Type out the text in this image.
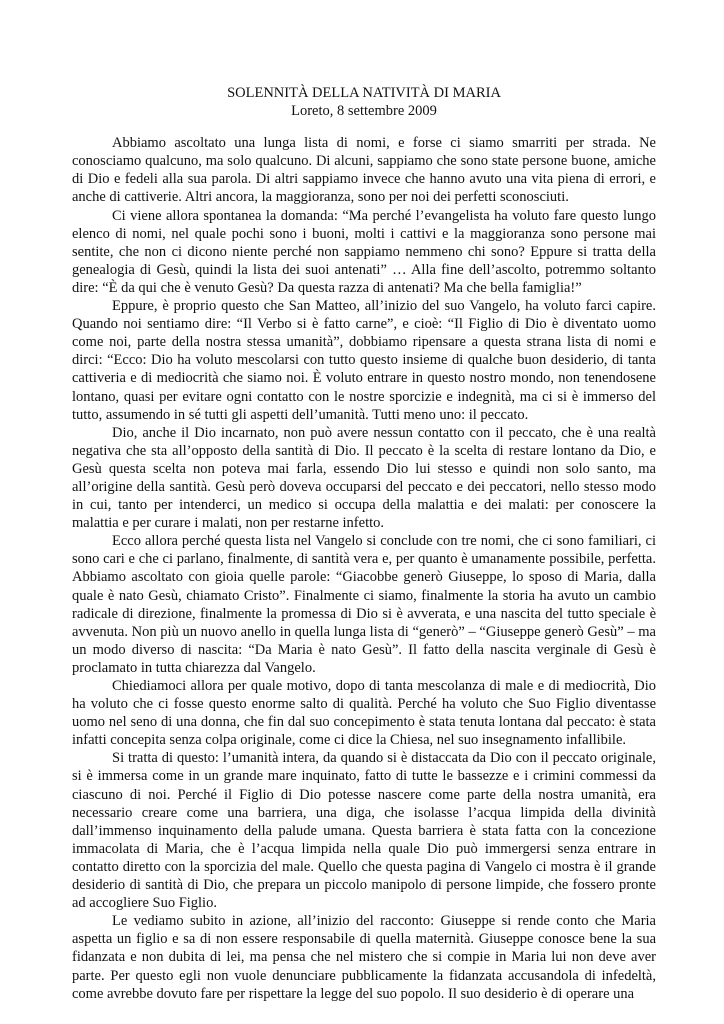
SOLENNITÀ DELLA NATIVITÀ DI MARIA

Loreto, 8 settembre 2009

Abbiamo ascoltato una lunga lista di nomi, e forse ci siamo smarriti per strada. Ne conosciamo qualcuno, ma solo qualcuno. Di alcuni, sappiamo che sono state persone buone, amiche di Dio e fedeli alla sua parola. Di altri sappiamo invece che hanno avuto una vita piena di errori, e anche di cattiverie. Altri ancora, la maggioranza, sono per noi dei perfetti sconosciuti.

Ci viene allora spontanea la domanda: “Ma perché l’evangelista ha voluto fare questo lungo elenco di nomi, nel quale pochi sono i buoni, molti i cattivi e la maggioranza sono persone mai sentite, che non ci dicono niente perché non sappiamo nemmeno chi sono? Eppure si tratta della genealogia di Gesù, quindi la lista dei suoi antenati” … Alla fine dell’ascolto, potremmo soltanto dire: “È da qui che è venuto Gesù? Da questa razza di antenati? Ma che bella famiglia!”

Eppure, è proprio questo che San Matteo, all’inizio del suo Vangelo, ha voluto farci capire. Quando noi sentiamo dire: “Il Verbo si è fatto carne”, e cioè: “Il Figlio di Dio è diventato uomo come noi, parte della nostra stessa umanità”, dobbiamo ripensare a questa strana lista di nomi e dirci: “Ecco: Dio ha voluto mescolarsi con tutto questo insieme di qualche buon desiderio, di tanta cattiveria e di mediocrità che siamo noi. È voluto entrare in questo nostro mondo, non tenendosene lontano, quasi per evitare ogni contatto con le nostre sporcizie e indegnità, ma ci si è immerso del tutto, assumendo in sé tutti gli aspetti dell’umanità. Tutti meno uno: il peccato.

Dio, anche il Dio incarnato, non può avere nessun contatto con il peccato, che è una realtà negativa che sta all’opposto della santità di Dio. Il peccato è la scelta di restare lontano da Dio, e Gesù questa scelta non poteva mai farla, essendo Dio lui stesso e quindi non solo santo, ma all’origine della santità. Gesù però doveva occuparsi del peccato e dei peccatori, nello stesso modo in cui, tanto per intenderci, un medico si occupa della malattia e dei malati: per conoscere la malattia e per curare i malati, non per restarne infetto.

Ecco allora perché questa lista nel Vangelo si conclude con tre nomi, che ci sono familiari, ci sono cari e che ci parlano, finalmente, di santità vera e, per quanto è umanamente possibile, perfetta. Abbiamo ascoltato con gioia quelle parole: “Giacobbe generò Giuseppe, lo sposo di Maria, dalla quale è nato Gesù, chiamato Cristo”. Finalmente ci siamo, finalmente la storia ha avuto un cambio radicale di direzione, finalmente la promessa di Dio si è avverata, e una nascita del tutto speciale è avvenuta. Non più un nuovo anello in quella lunga lista di “generò” – “Giuseppe generò Gesù” – ma un modo diverso di nascita: “Da Maria è nato Gesù”. Il fatto della nascita verginale di Gesù è proclamato in tutta chiarezza dal Vangelo.

Chiediamoci allora per quale motivo, dopo di tanta mescolanza di male e di mediocrità, Dio ha voluto che ci fosse questo enorme salto di qualità. Perché ha voluto che Suo Figlio diventasse uomo nel seno di una donna, che fin dal suo concepimento è stata tenuta lontana dal peccato: è stata infatti concepita senza colpa originale, come ci dice la Chiesa, nel suo insegnamento infallibile.

Si tratta di questo: l’umanità intera, da quando si è distaccata da Dio con il peccato originale, si è immersa come in un grande mare inquinato, fatto di tutte le bassezze e i crimini commessi da ciascuno di noi. Perché il Figlio di Dio potesse nascere come parte della nostra umanità, era necessario creare come una barriera, una diga, che isolasse l’acqua limpida della divinità dall’immenso inquinamento della palude umana. Questa barriera è stata fatta con la concezione immacolata di Maria, che è l’acqua limpida nella quale Dio può immergersi senza entrare in contatto diretto con la sporcizia del male. Quello che questa pagina di Vangelo ci mostra è il grande desiderio di santità di Dio, che prepara un piccolo manipolo di persone limpide, che fossero pronte ad accogliere Suo Figlio.

Le vediamo subito in azione, all’inizio del racconto: Giuseppe si rende conto che Maria aspetta un figlio e sa di non essere responsabile di quella maternità. Giuseppe conosce bene la sua fidanzata e non dubita di lei, ma pensa che nel mistero che si compie in Maria lui non deve aver parte. Per questo egli non vuole denunciare pubblicamente la fidanzata accusandola di infedeltà, come avrebbe dovuto fare per rispettare la legge del suo popolo. Il suo desiderio è di operare una
